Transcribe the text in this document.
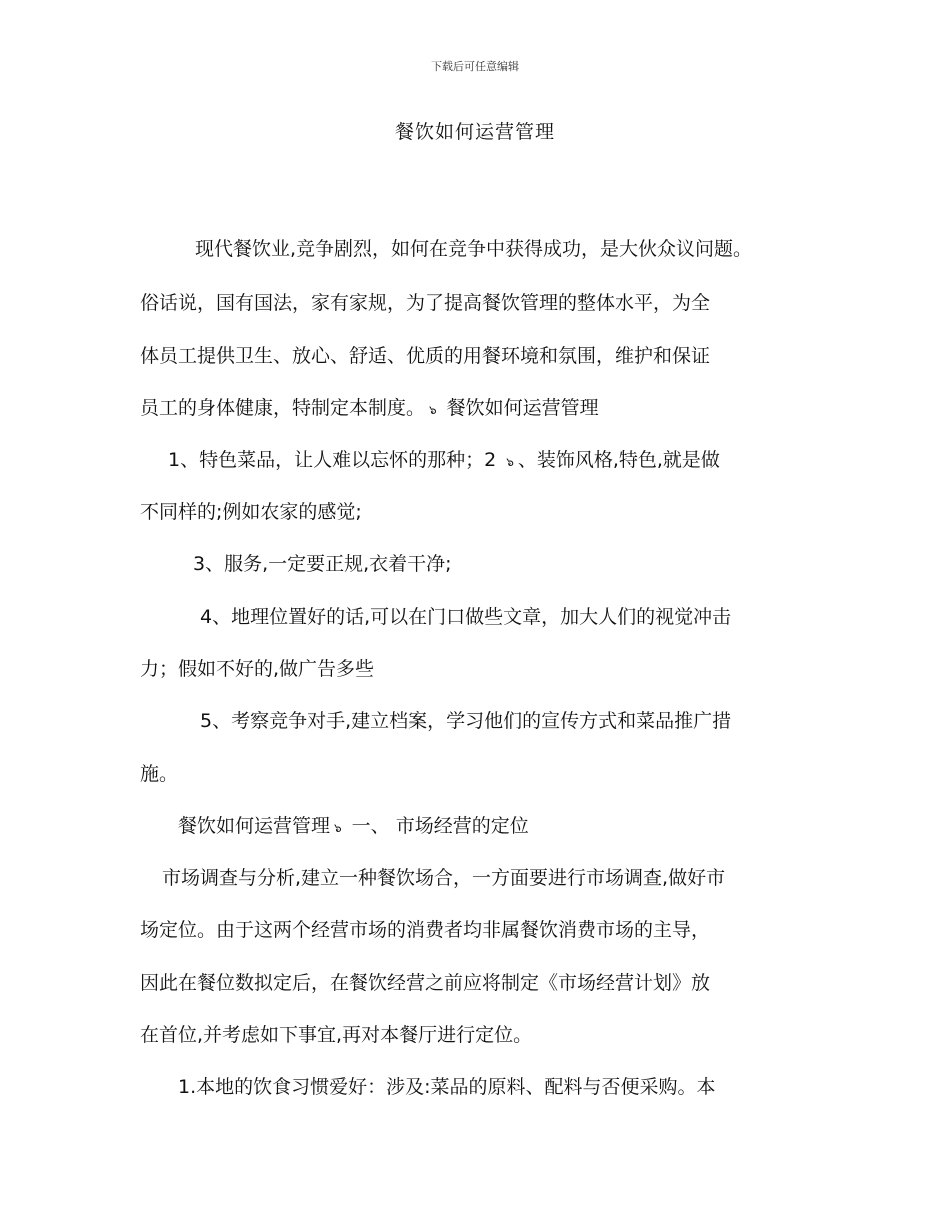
下载后可任意编辑
餐饮如何运营管理
现代餐饮业,竞争剧烈，如何在竞争中获得成功，是大伙众议问题。
俗话说，国有国法，家有家规，为了提高餐饮管理的整体水平，为全
体员工提供卫生、放心、舒适、优质的用餐环境和氛围，维护和保证
员工的身体健康，特制定本制度。 ๖ 餐饮如何运营管理
1、特色菜品，让人难以忘怀的那种；2 ๖ 、装饰风格,特色,就是做
不同样的;例如农家的感觉;
3、服务,一定要正规,衣着干净;
4、地理位置好的话,可以在门口做些文章，加大人们的视觉冲击
力；假如不好的,做广告多些
5、考察竞争对手,建立档案，学习他们的宣传方式和菜品推广措
施。
餐饮如何运营管理 ๖ 一、 市场经营的定位
市场调查与分析,建立一种餐饮场合，一方面要进行市场调查,做好市
场定位。由于这两个经营市场的消费者均非属餐饮消费市场的主导，
因此在餐位数拟定后，在餐饮经营之前应将制定《市场经营计划》放
在首位,并考虑如下事宜,再对本餐厅进行定位。
1.本地的饮食习惯爱好：涉及:菜品的原料、配料与否便采购。本
